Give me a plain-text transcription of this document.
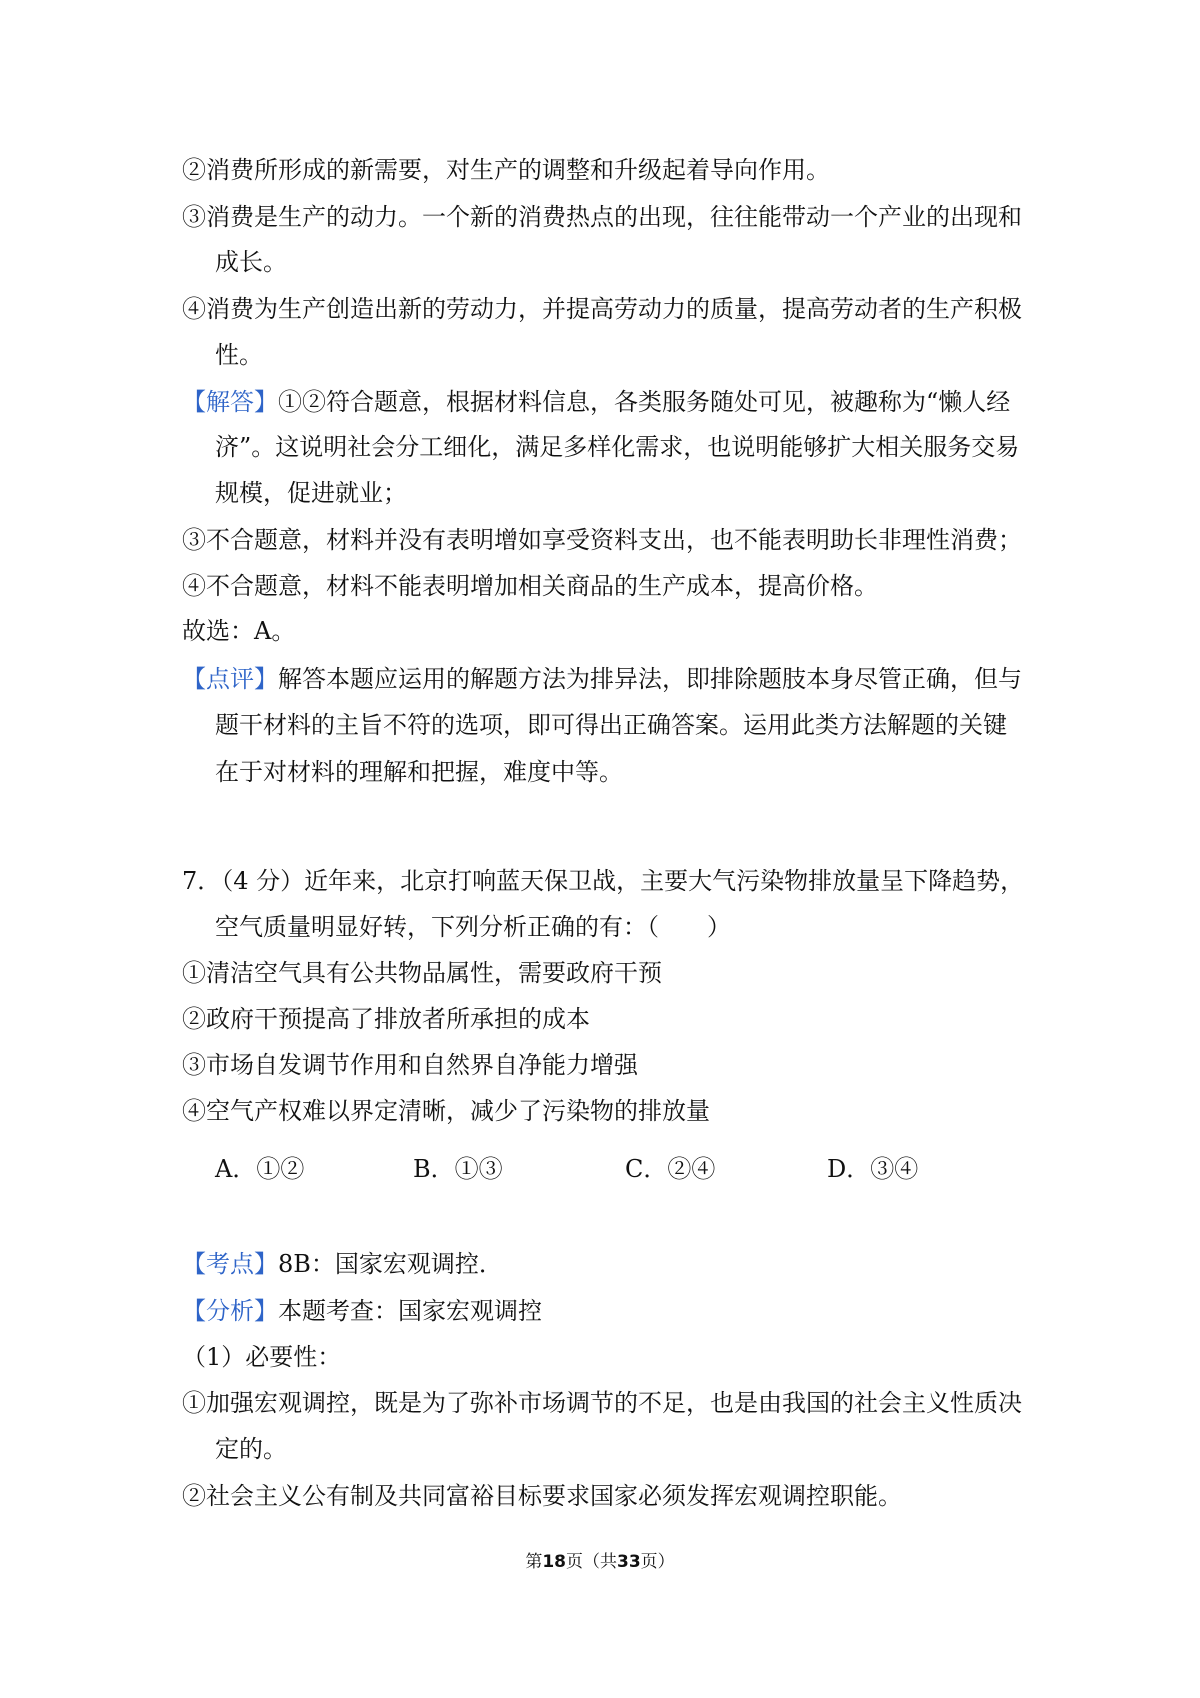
②消费所形成的新需要，对生产的调整和升级起着导向作用。
③消费是生产的动力。一个新的消费热点的出现，往往能带动一个产业的出现和
成长。
④消费为生产创造出新的劳动力，并提高劳动力的质量，提高劳动者的生产积极
性。
【解答】①②符合题意，根据材料信息，各类服务随处可见，被趣称为“懒人经
济”。这说明社会分工细化，满足多样化需求，也说明能够扩大相关服务交易
规模，促进就业；
③不合题意，材料并没有表明增如享受资料支出，也不能表明助长非理性消费；
④不合题意，材料不能表明增加相关商品的生产成本，提高价格。
故选：A。
【点评】解答本题应运用的解题方法为排异法，即排除题肢本身尽管正确，但与
题干材料的主旨不符的选项，即可得出正确答案。运用此类方法解题的关键
在于对材料的理解和把握，难度中等。
7．（4 分）近年来，北京打响蓝天保卫战，主要大气污染物排放量呈下降趋势，
空气质量明显好转，下列分析正确的有：（　　）
①清洁空气具有公共物品属性，需要政府干预
②政府干预提高了排放者所承担的成本
③市场自发调节作用和自然界自净能力增强
④空气产权难以界定清晰，减少了污染物的排放量
A．①②	B．①③	C．②④	D．③④
【考点】8B：国家宏观调控．
【分析】本题考查：国家宏观调控
（1）必要性：
①加强宏观调控，既是为了弥补市场调节的不足，也是由我国的社会主义性质决
定的。
②社会主义公有制及共同富裕目标要求国家必须发挥宏观调控职能。
第18页（共33页）
